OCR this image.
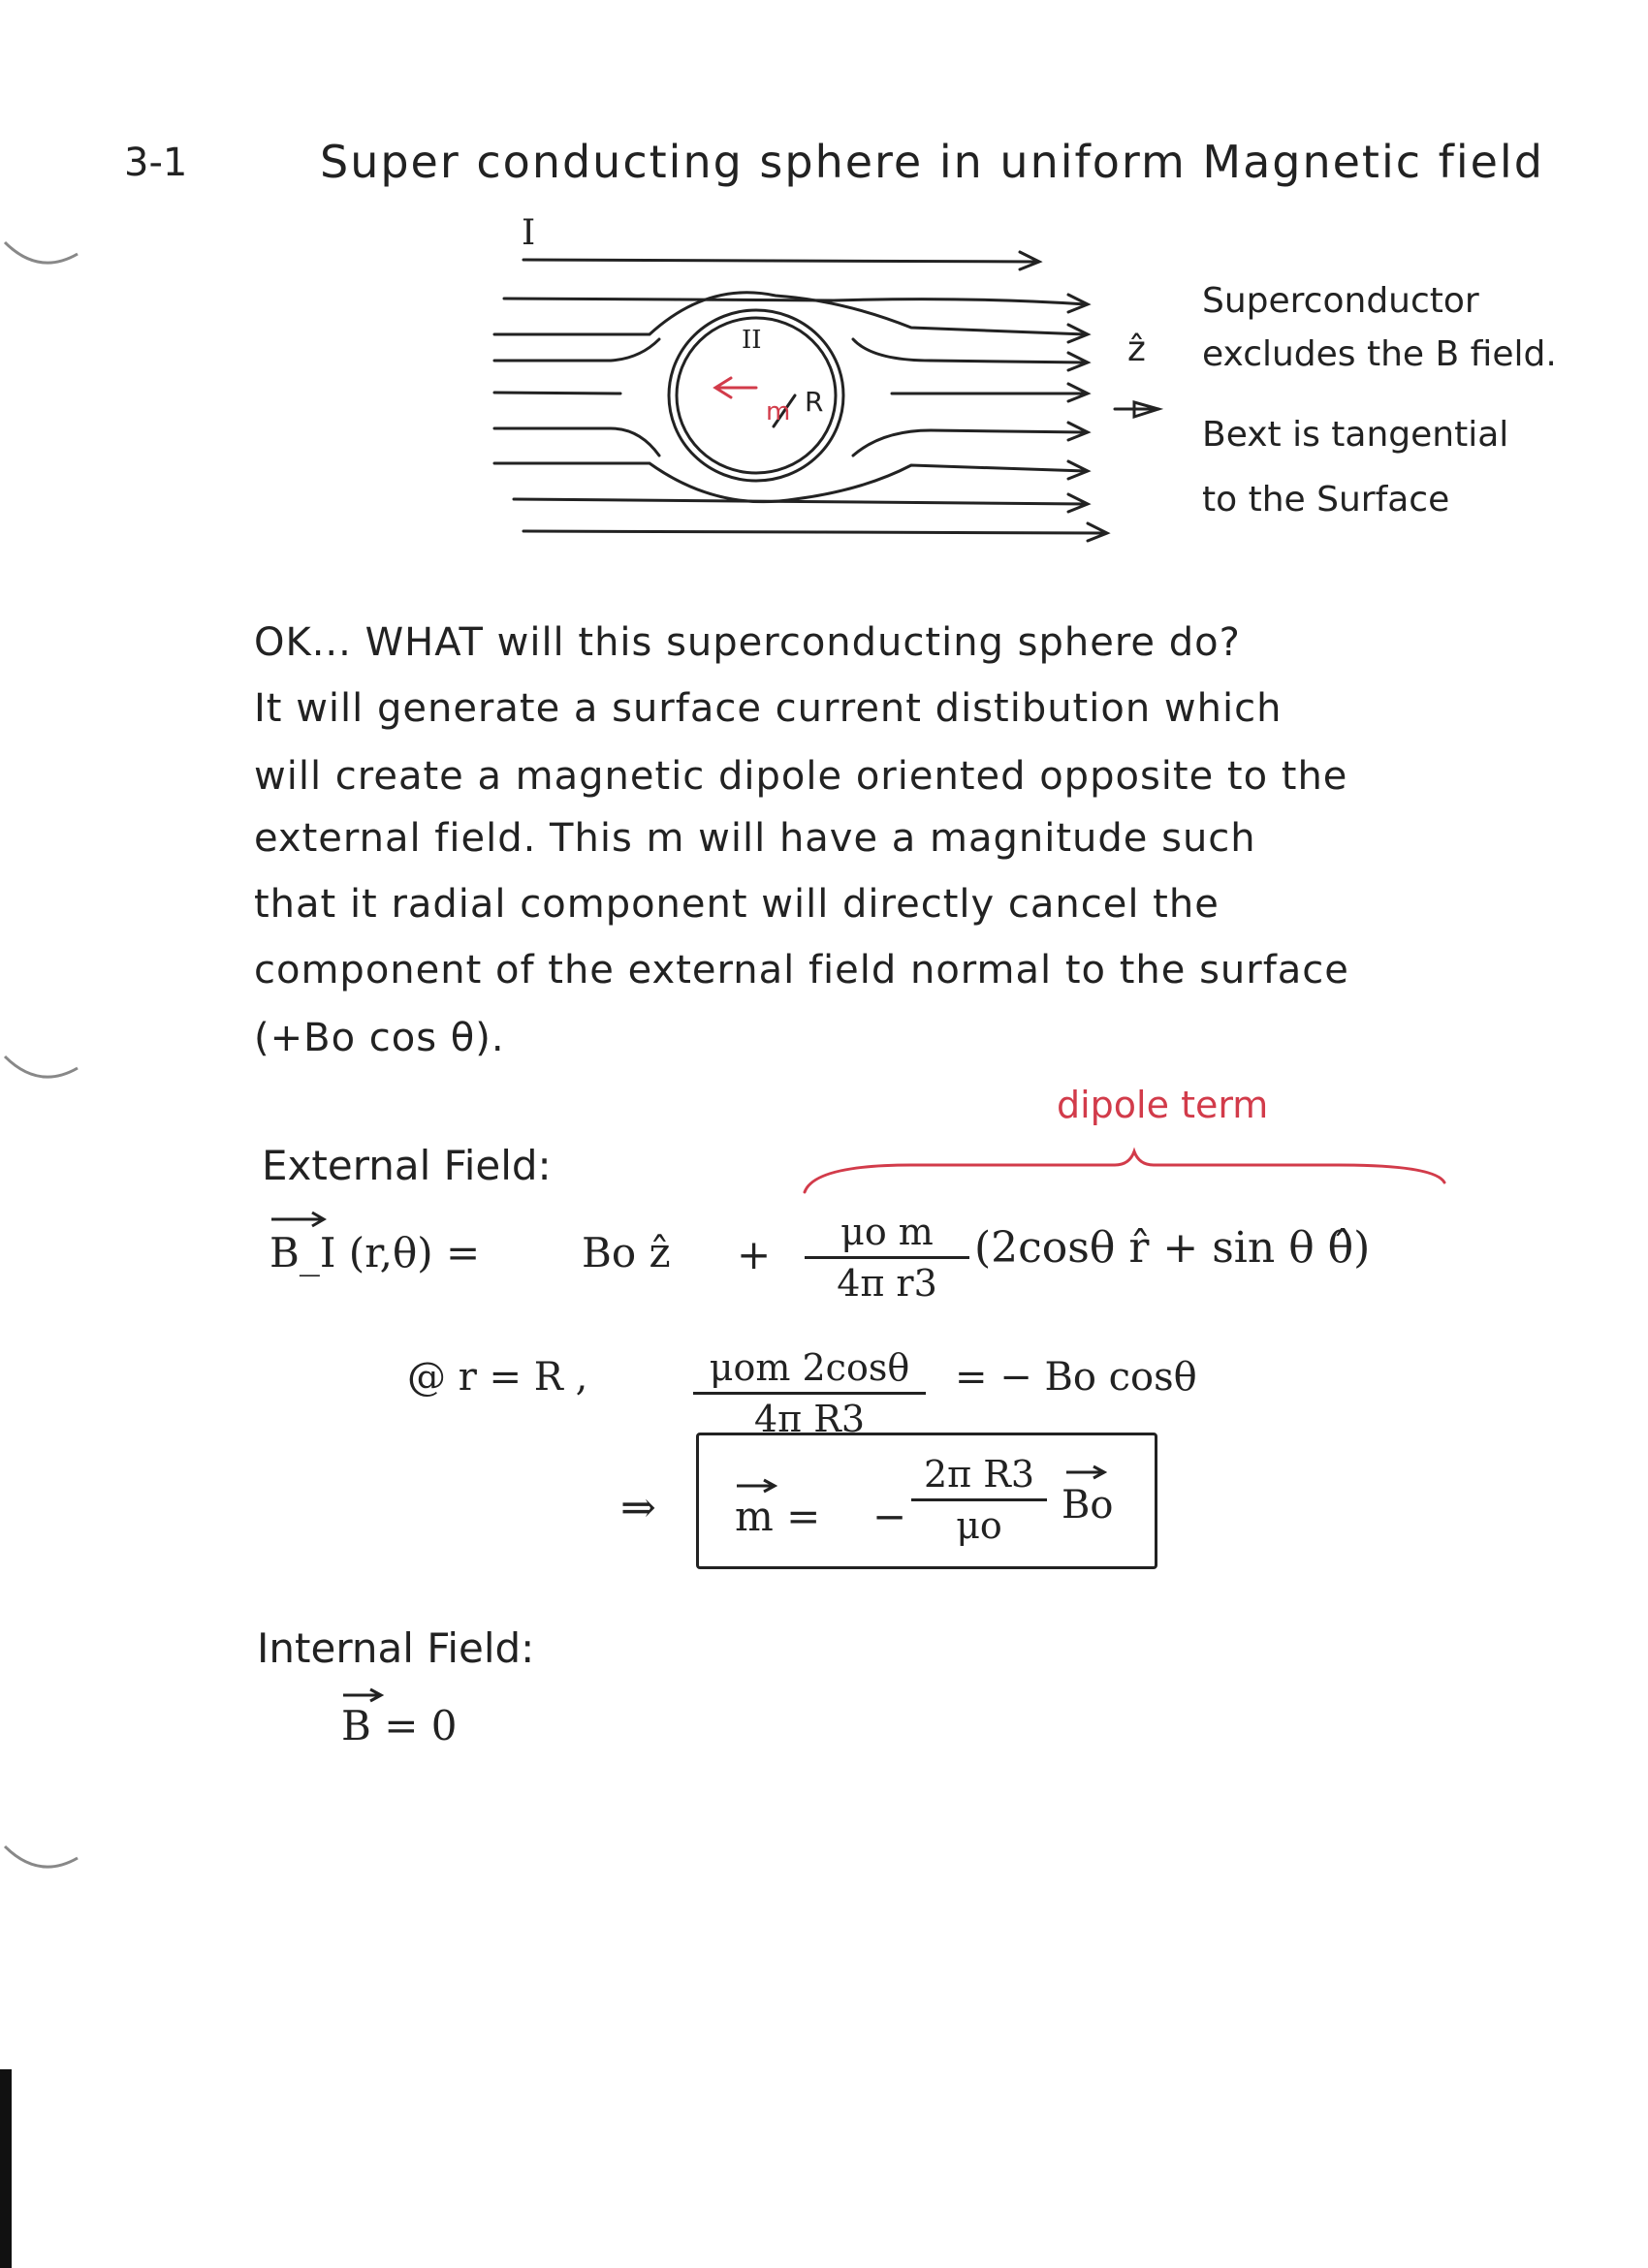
3-1	Super conducting sphere in uniform Magnetic field
I
II
m R
ẑ
Superconductor
excludes the B field.
Bext is tangential
to the Surface
OK... WHAT will this superconducting sphere do?
It will generate a surface current distibution which
will create a magnetic dipole oriented opposite to the
external field. This m will have a magnitude such
that it radial component will directly cancel the
component of the external field normal to the surface
(+Bo cos θ).
dipole term
External Field:
B_I (r,θ) = Bo ẑ +	μo m
4π r3
(2cosθ r̂ + sin θ θ̂)
@ r = R ,	μom 2cosθ
4π R3
= − Bo cosθ
⇒ m = −
2π R3
μo	Bo
Internal Field:
B = 0
